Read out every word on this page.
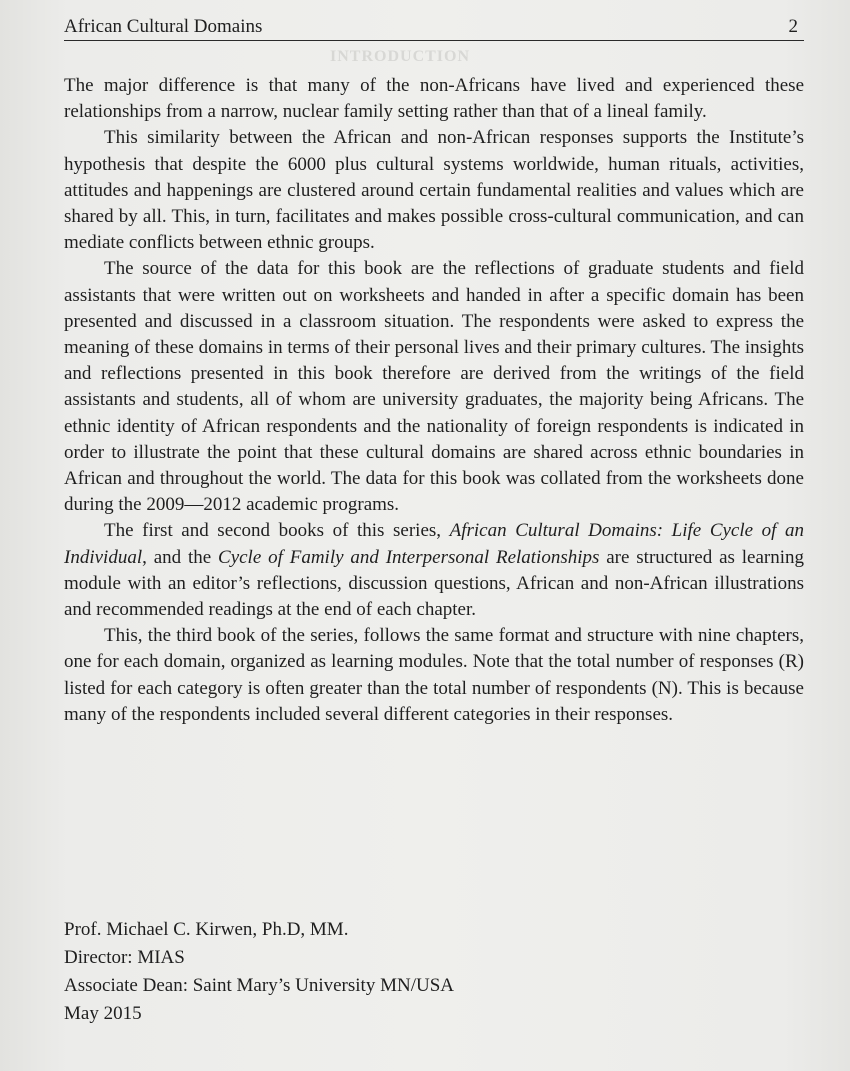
INTRODUCTION
African Cultural Domains	2

The major difference is that many of the non-Africans have lived and experienced these relationships from a narrow, nuclear family setting rather than that of a lineal family.

This similarity between the African and non-African responses supports the Institute’s hypothesis that despite the 6000 plus cultural systems worldwide, human rituals, activities, attitudes and happenings are clustered around certain fundamental realities and values which are shared by all. This, in turn, facilitates and makes possible cross-cultural communication, and can mediate conflicts between ethnic groups.

The source of the data for this book are the reflections of graduate students and field assistants that were written out on worksheets and handed in after a specific domain has been presented and discussed in a classroom situation. The respondents were asked to express the meaning of these domains in terms of their personal lives and their primary cultures. The insights and reflections presented in this book therefore are derived from the writings of the field assistants and students, all of whom are university graduates, the majority being Africans. The ethnic identity of African respondents and the nationality of foreign respondents is indicated in order to illustrate the point that these cultural domains are shared across ethnic boundaries in African and throughout the world. The data for this book was collated from the worksheets done during the 2009—2012 academic programs.

The first and second books of this series, African Cultural Domains: Life Cycle of an Individual, and the Cycle of Family and Interpersonal Relationships are structured as learning module with an editor’s reflections, discussion questions, African and non-African illustrations and recommended readings at the end of each chapter.

This, the third book of the series, follows the same format and structure with nine chapters, one for each domain, organized as learning modules. Note that the total number of responses (R) listed for each category is often greater than the total number of respondents (N). This is because many of the respondents included several different categories in their responses.

Prof. Michael C. Kirwen, Ph.D, MM.
Director: MIAS
Associate Dean: Saint Mary’s University MN/USA
May 2015
